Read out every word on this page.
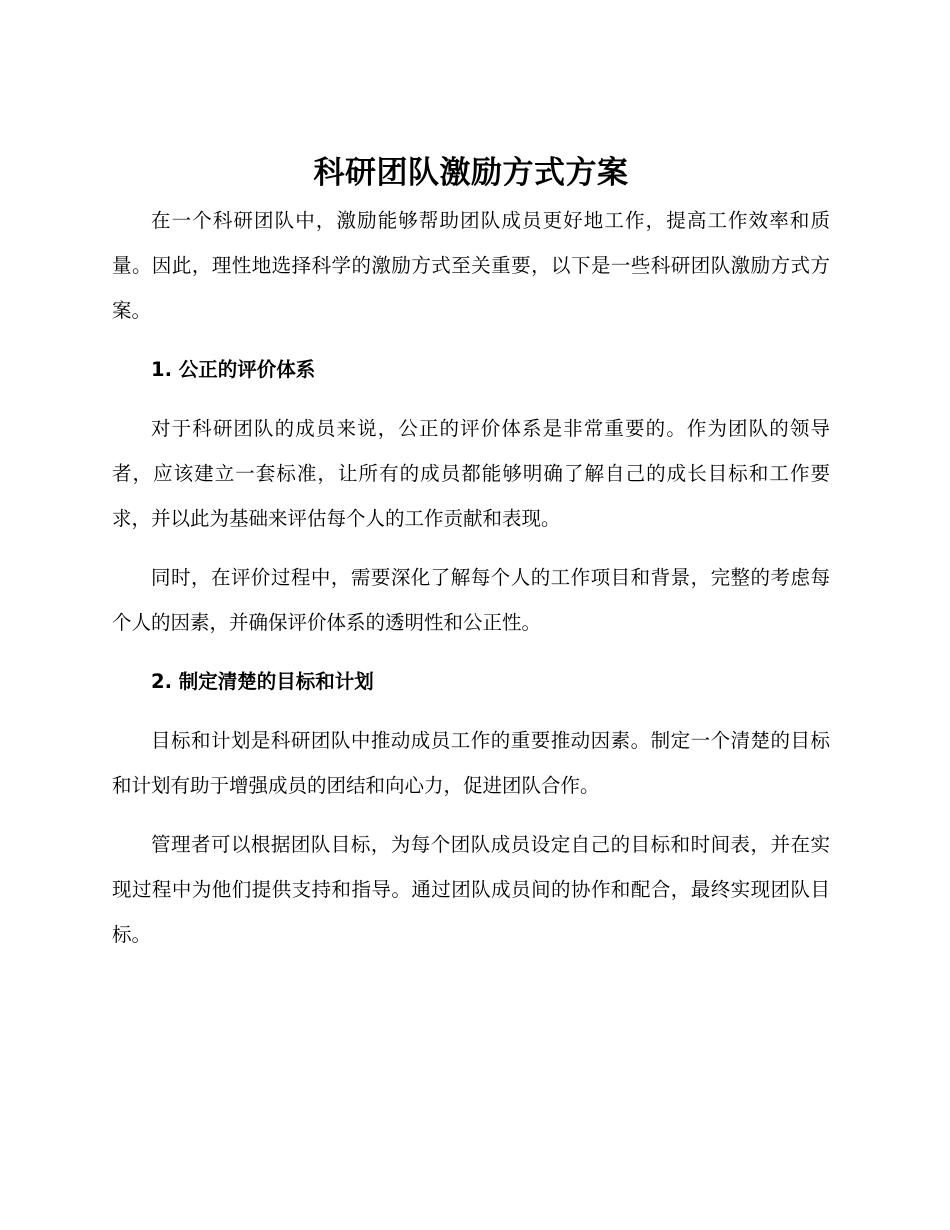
科研团队激励方式方案

在一个科研团队中，激励能够帮助团队成员更好地工作，提高工作效率和质量。因此，理性地选择科学的激励方式至关重要，以下是一些科研团队激励方式方案。

1. 公正的评价体系

对于科研团队的成员来说，公正的评价体系是非常重要的。作为团队的领导者，应该建立一套标准，让所有的成员都能够明确了解自己的成长目标和工作要求，并以此为基础来评估每个人的工作贡献和表现。

同时，在评价过程中，需要深化了解每个人的工作项目和背景，完整的考虑每个人的因素，并确保评价体系的透明性和公正性。

2. 制定清楚的目标和计划

目标和计划是科研团队中推动成员工作的重要推动因素。制定一个清楚的目标和计划有助于增强成员的团结和向心力，促进团队合作。

管理者可以根据团队目标，为每个团队成员设定自己的目标和时间表，并在实现过程中为他们提供支持和指导。通过团队成员间的协作和配合，最终实现团队目标。
